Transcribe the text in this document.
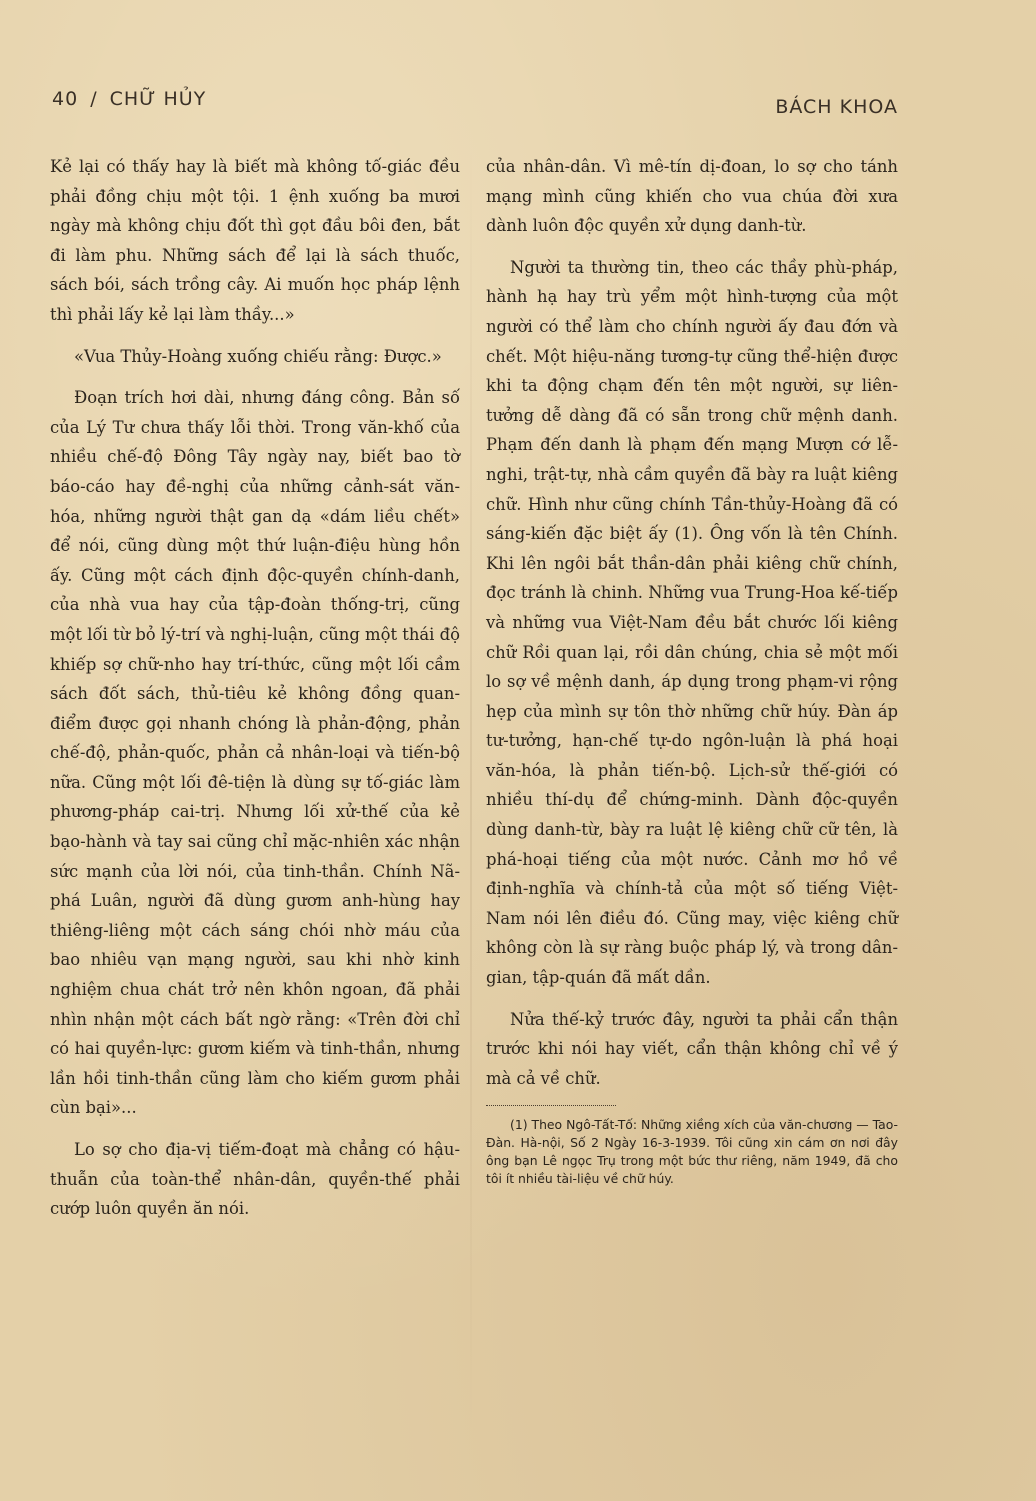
40 / CHỮ HỦY	BÁCH KHOA

Kẻ lại có thấy hay là biết mà không tố-giác đều phải đồng chịu một tội. 1 ệnh xuống ba mươi ngày mà không chịu đốt thì gọt đầu bôi đen, bắt đi làm phu. Những sách để lại là sách thuốc, sách bói, sách trồng cây. Ai muốn học pháp lệnh thì phải lấy kẻ lại làm thầy...»

«Vua Thủy-Hoàng xuống chiếu rằng: Được.»

Đoạn trích hơi dài, nhưng đáng công. Bản số của Lý Tư chưa thấy lỗi thời. Trong văn-khố của nhiều chế-độ Đông Tây ngày nay, biết bao tờ báo-cáo hay đề-nghị của những cảnh-sát văn-hóa, những người thật gan dạ «dám liều chết» để nói, cũng dùng một thứ luận-điệu hùng hồn ấy. Cũng một cách định độc-quyền chính-danh, của nhà vua hay của tập-đoàn thống-trị, cũng một lối từ bỏ lý-trí và nghị-luận, cũng một thái độ khiếp sợ chữ-nho hay trí-thức, cũng một lối cầm sách đốt sách, thủ-tiêu kẻ không đồng quan-điểm được gọi nhanh chóng là phản-động, phản chế-độ, phản-quốc, phản cả nhân-loại và tiến-bộ nữa. Cũng một lối đê-tiện là dùng sự tố-giác làm phương-pháp cai-trị. Nhưng lối xử-thế của kẻ bạo-hành và tay sai cũng chỉ mặc-nhiên xác nhận sức mạnh của lời nói, của tinh-thần. Chính Nã-phá Luân, người đã dùng gươm anh-hùng hay thiêng-liêng một cách sáng chói nhờ máu của bao nhiêu vạn mạng người, sau khi nhờ kinh nghiệm chua chát trở nên khôn ngoan, đã phải nhìn nhận một cách bất ngờ rằng: «Trên đời chỉ có hai quyền-lực: gươm kiếm và tinh-thần, nhưng lần hồi tinh-thần cũng làm cho kiếm gươm phải cùn bại»...

Lo sợ cho địa-vị tiếm-đoạt mà chẳng có hậu-thuẫn của toàn-thể nhân-dân, quyền-thế phải cướp luôn quyền ăn nói.

của nhân-dân. Vì mê-tín dị-đoan, lo sợ cho tánh mạng mình cũng khiến cho vua chúa đời xưa dành luôn độc quyền xử dụng danh-từ.

Người ta thường tin, theo các thầy phù-pháp, hành hạ hay trù yểm một hình-tượng của một người có thể làm cho chính người ấy đau đớn và chết. Một hiệu-năng tương-tự cũng thể-hiện được khi ta động chạm đến tên một người, sự liên-tưởng dễ dàng đã có sẵn trong chữ mệnh danh. Phạm đến danh là phạm đến mạng Mượn cớ lễ-nghi, trật-tự, nhà cầm quyền đã bày ra luật kiêng chữ. Hình như cũng chính Tần-thủy-Hoàng đã có sáng-kiến đặc biệt ấy (1). Ông vốn là tên Chính. Khi lên ngôi bắt thần-dân phải kiêng chữ chính, đọc tránh là chinh. Những vua Trung-Hoa kế-tiếp và những vua Việt-Nam đều bắt chước lối kiêng chữ Rồi quan lại, rồi dân chúng, chia sẻ một mối lo sợ về mệnh danh, áp dụng trong phạm-vi rộng hẹp của mình sự tôn thờ những chữ húy. Đàn áp tư-tưởng, hạn-chế tự-do ngôn-luận là phá hoại văn-hóa, là phản tiến-bộ. Lịch-sử thế-giới có nhiều thí-dụ để chứng-minh. Dành độc-quyền dùng danh-từ, bày ra luật lệ kiêng chữ cữ tên, là phá-hoại tiếng của một nước. Cảnh mơ hồ về định-nghĩa và chính-tả của một số tiếng Việt-Nam nói lên điều đó. Cũng may, việc kiêng chữ không còn là sự ràng buộc pháp lý, và trong dân-gian, tập-quán đã mất dần.

Nửa thế-kỷ trước đây, người ta phải cẩn thận trước khi nói hay viết, cẩn thận không chỉ về ý mà cả về chữ.

(1) Theo Ngô-Tất-Tố: Những xiềng xích của văn-chương — Tao-Đàn. Hà-nội, Số 2 Ngày 16-3-1939. Tôi cũng xin cám ơn nơi đây ông bạn Lê ngọc Trụ trong một bức thư riêng, năm 1949, đã cho tôi ít nhiều tài-liệu về chữ húy.
